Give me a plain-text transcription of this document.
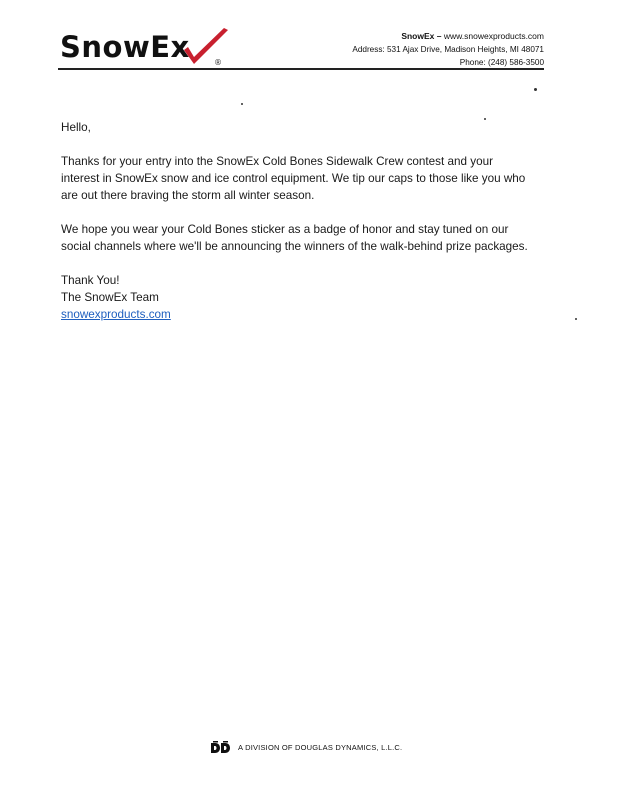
SnowEx	®
SnowEx – www.snowexproducts.com
Address: 531 Ajax Drive, Madison Heights, MI 48071
Phone: (248) 586-3500

Hello,

Thanks for your entry into the SnowEx Cold Bones Sidewalk Crew contest and your interest in SnowEx snow and ice control equipment. We tip our caps to those like you who are out there braving the storm all winter season.

We hope you wear your Cold Bones sticker as a badge of honor and stay tuned on our social channels where we'll be announcing the winners of the walk-behind prize packages.

Thank You!
The SnowEx Team
snowexproducts.com
A DIVISION OF DOUGLAS DYNAMICS, L.L.C.
